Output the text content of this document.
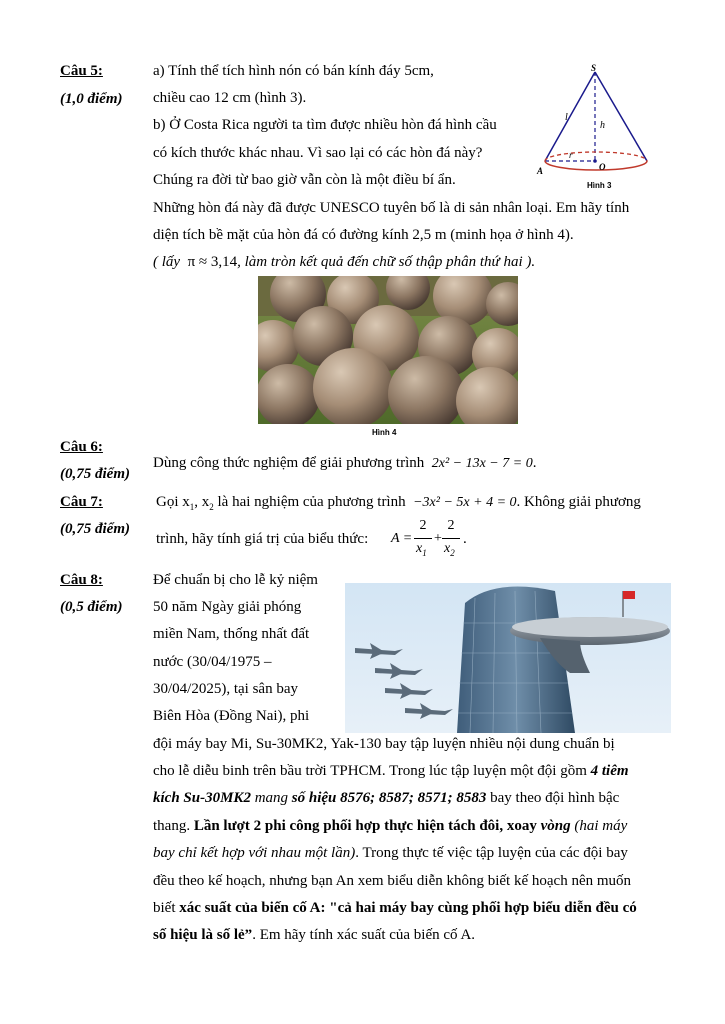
Câu 5:
(1,0 điểm)
a) Tính thể tích hình nón có bán kính đáy 5cm,
chiều cao 12 cm (hình 3).
b) Ở Costa Rica người ta tìm được nhiều hòn đá hình cầu
có kích thước khác nhau. Vì sao lại có các hòn đá này?
Chúng ra đời từ bao giờ vẫn còn là một điều bí ẩn.
Những hòn đá này đã được UNESCO tuyên bố là di sản nhân loại. Em hãy tính
diện tích bề mặt của hòn đá có đường kính 2,5 m (minh họa ở hình 4).
( lấy π ≈ 3,14, làm tròn kết quả đến chữ số thập phân thứ hai ).
S
l
h
A
r
O
Hình 3
Hình 4
Câu 6:
(0,75 điểm)
Dùng công thức nghiệm để giải phương trình 2x² − 13x − 7 = 0.
Câu 7:
(0,75 điểm)
Gọi $x_1$, $x_2$ là hai nghiệm của phương trình −3x² − 5x + 4 = 0. Không giải phương
trình, hãy tính giá trị của biểu thức: A =
2
$x_1$
+
2
$x_2$
.
Câu 8:
(0,5 điểm)
Để chuẩn bị cho lễ kỷ niệm
50 năm Ngày giải phóng
miền Nam, thống nhất đất
nước (30/04/1975 –
30/04/2025), tại sân bay
Biên Hòa (Đồng Nai), phi
đội máy bay Mi, Su-30MK2, Yak-130 bay tập luyện nhiều nội dung chuẩn bị
cho lễ diễu binh trên bầu trời TPHCM. Trong lúc tập luyện một đội gồm 4 tiêm
kích Su-30MK2 mang số hiệu 8576; 8587; 8571; 8583 bay theo đội hình bậc
thang. Lần lượt 2 phi công phối hợp thực hiện tách đôi, xoay vòng (hai máy
bay chỉ kết hợp với nhau một lần). Trong thực tế việc tập luyện của các đội bay
đều theo kế hoạch, nhưng bạn An xem biểu diễn không biết kế hoạch nên muốn
biết xác suất của biến cố A: "cả hai máy bay cùng phối hợp biểu diễn đều có
số hiệu là số lẻ”. Em hãy tính xác suất của biến cố A.
